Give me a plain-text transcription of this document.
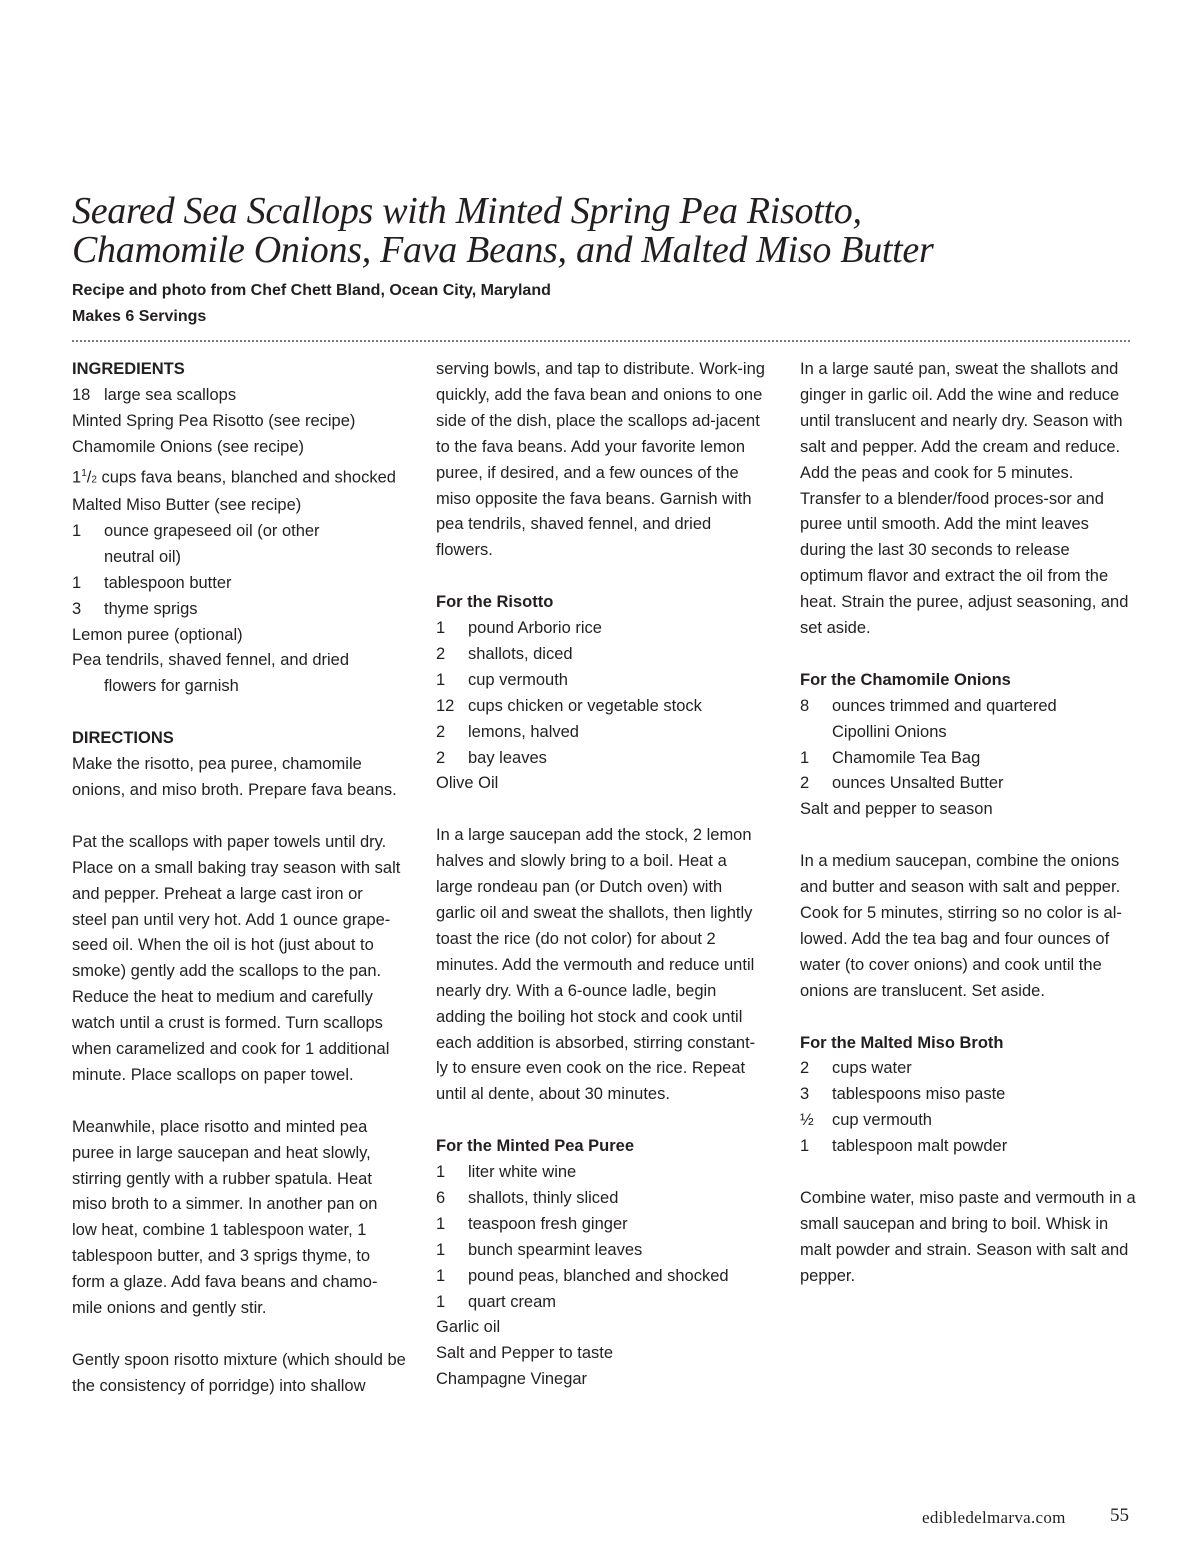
Seared Sea Scallops with Minted Spring Pea Risotto,
Chamomile Onions, Fava Beans, and Malted Miso Butter
Recipe and photo from Chef Chett Bland, Ocean City, Maryland
Makes 6 Servings

INGREDIENTS

18 large sea scallops

Minted Spring Pea Risotto (see recipe)

Chamomile Onions (see recipe)

$1^1/2$ cups fava beans, blanched and shocked

Malted Miso Butter (see recipe)

1	ounce grapeseed oil (or other neutral oil)
1	tablespoon butter
3	thyme sprigs

Lemon puree (optional)

Pea tendrils, shaved fennel, and dried flowers for garnish

DIRECTIONS

Make the risotto, pea puree, chamomile onions, and miso broth. Prepare fava beans.

Pat the scallops with paper towels until dry. Place on a small baking tray season with salt and pepper. Preheat a large cast iron or steel pan until very hot. Add 1 ounce grape-seed oil. When the oil is hot (just about to smoke) gently add the scallops to the pan. Reduce the heat to medium and carefully watch until a crust is formed. Turn scallops when caramelized and cook for 1 additional minute. Place scallops on paper towel.

Meanwhile, place risotto and minted pea puree in large saucepan and heat slowly, stirring gently with a rubber spatula. Heat miso broth to a simmer. In another pan on low heat, combine 1 tablespoon water, 1 tablespoon butter, and 3 sprigs thyme, to form a glaze. Add fava beans and chamo-mile onions and gently stir.

Gently spoon risotto mixture (which should be the consistency of porridge) into shallow

serving bowls, and tap to distribute. Work-ing quickly, add the fava bean and onions to one side of the dish, place the scallops ad-jacent to the fava beans. Add your favorite lemon puree, if desired, and a few ounces of the miso opposite the fava beans. Garnish with pea tendrils, shaved fennel, and dried flowers.

For the Risotto

1	pound Arborio rice
2	shallots, diced
1	cup vermouth
12 cups chicken or vegetable stock
2	lemons, halved
2	bay leaves

Olive Oil

In a large saucepan add the stock, 2 lemon halves and slowly bring to a boil. Heat a large rondeau pan (or Dutch oven) with garlic oil and sweat the shallots, then lightly toast the rice (do not color) for about 2 minutes. Add the vermouth and reduce until nearly dry. With a 6-ounce ladle, begin adding the boiling hot stock and cook until each addition is absorbed, stirring constant-ly to ensure even cook on the rice. Repeat until al dente, about 30 minutes.

For the Minted Pea Puree

1	liter white wine
6	shallots, thinly sliced
1	teaspoon fresh ginger
1	bunch spearmint leaves
1	pound peas, blanched and shocked
1	quart cream

Garlic oil

Salt and Pepper to taste

Champagne Vinegar

In a large sauté pan, sweat the shallots and ginger in garlic oil. Add the wine and reduce until translucent and nearly dry. Season with salt and pepper. Add the cream and reduce. Add the peas and cook for 5 minutes. Transfer to a blender/food proces-sor and puree until smooth. Add the mint leaves during the last 30 seconds to release optimum flavor and extract the oil from the heat. Strain the puree, adjust seasoning, and set aside.

For the Chamomile Onions

8	ounces trimmed and quartered Cipollini Onions
1	Chamomile Tea Bag
2	ounces Unsalted Butter

Salt and pepper to season

In a medium saucepan, combine the onions and butter and season with salt and pepper. Cook for 5 minutes, stirring so no color is al-lowed. Add the tea bag and four ounces of water (to cover onions) and cook until the onions are translucent. Set aside.

For the Malted Miso Broth

2	cups water
3	tablespoons miso paste
½	cup vermouth
1	tablespoon malt powder

Combine water, miso paste and vermouth in a small saucepan and bring to boil. Whisk in malt powder and strain. Season with salt and pepper.

edibledelmarva.com 55
